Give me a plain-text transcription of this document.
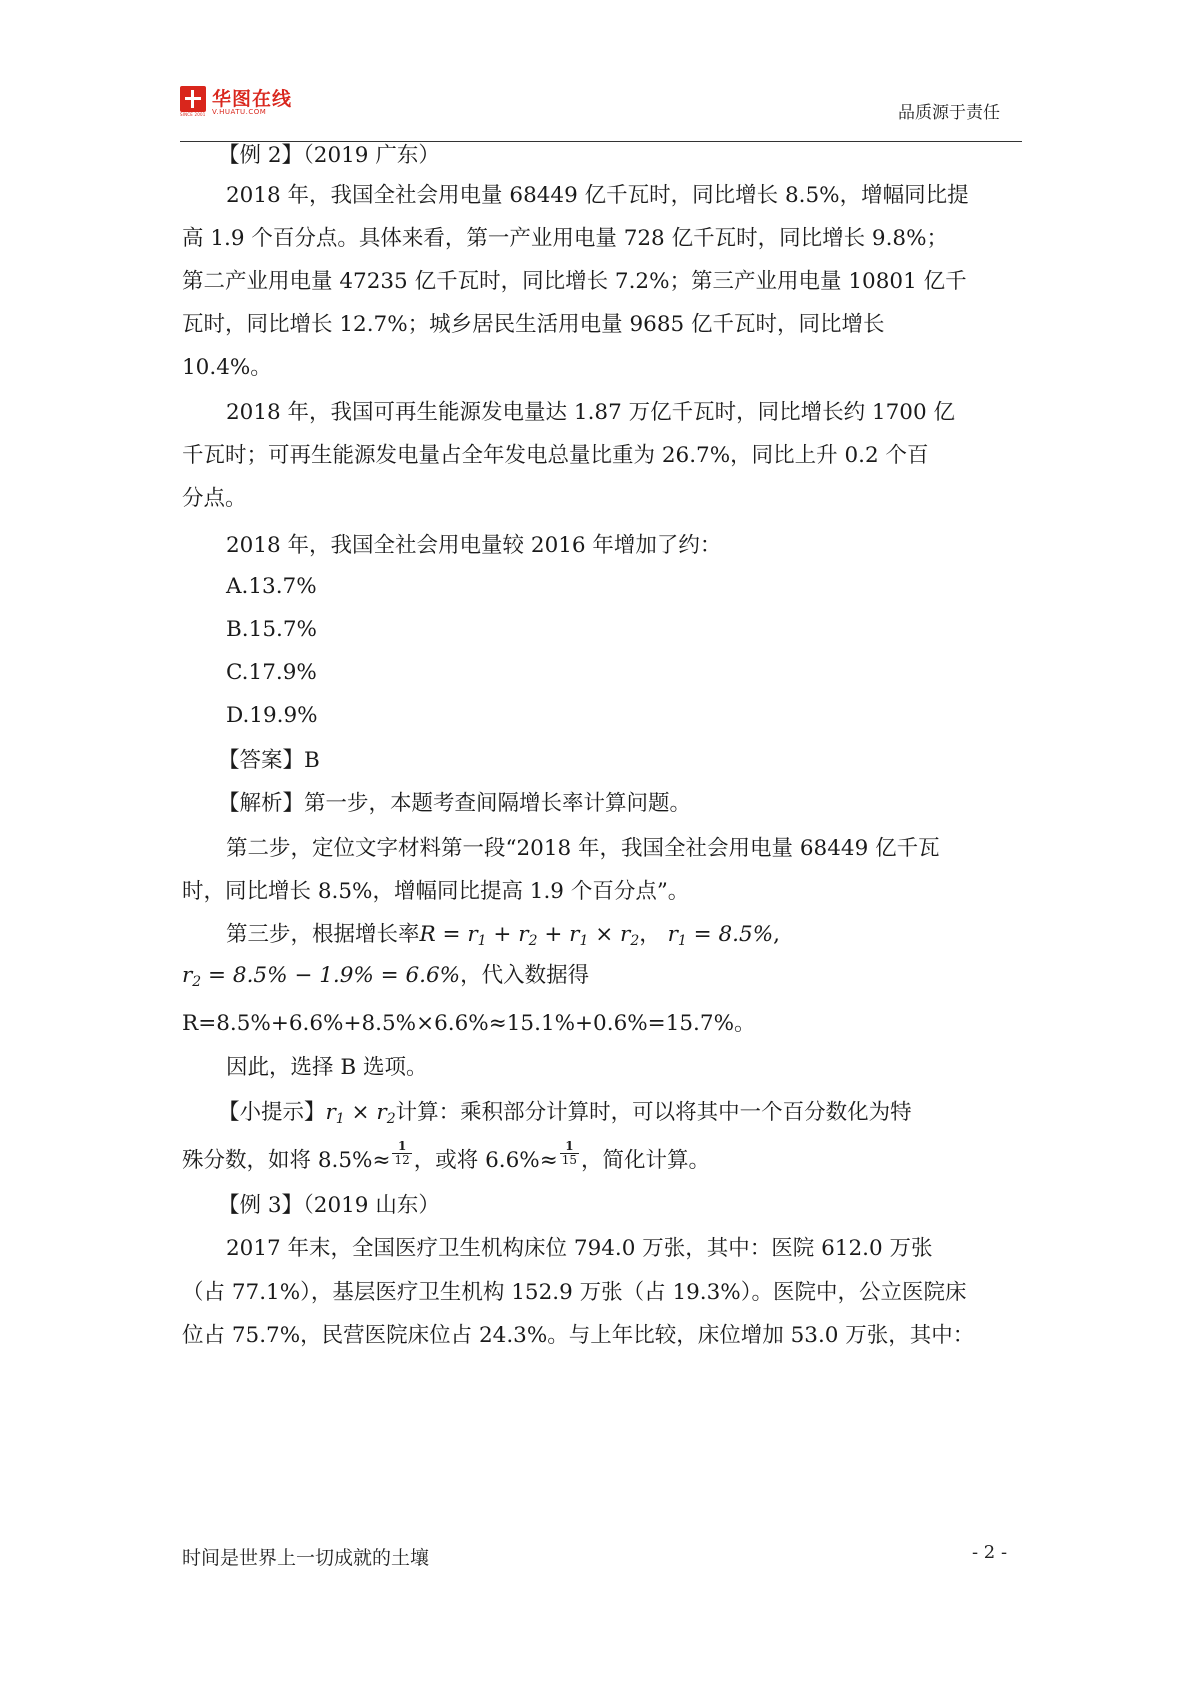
华图在线
SINCE 2001 V.HUATU.COM	品质源于责任
【例 2】（2019 广东）
2018 年，我国全社会用电量 68449 亿千瓦时，同比增长 8.5%，增幅同比提
高 1.9 个百分点。具体来看，第一产业用电量 728 亿千瓦时，同比增长 9.8%；
第二产业用电量 47235 亿千瓦时，同比增长 7.2%；第三产业用电量 10801 亿千
瓦时，同比增长 12.7%；城乡居民生活用电量 9685 亿千瓦时，同比增长
10.4%。
2018 年，我国可再生能源发电量达 1.87 万亿千瓦时，同比增长约 1700 亿
千瓦时；可再生能源发电量占全年发电总量比重为 26.7%，同比上升 0.2 个百
分点。
2018 年，我国全社会用电量较 2016 年增加了约：
A.13.7%
B.15.7%
C.17.9%
D.19.9%
【答案】B
【解析】第一步，本题考查间隔增长率计算问题。
第二步，定位文字材料第一段“2018 年，我国全社会用电量 68449 亿千瓦
时，同比增长 8.5%，增幅同比提高 1.9 个百分点”。
第三步，根据增长率$R = r_1 + r_2 + r_1 \times r_2$， $r_1 = 8.5\%$,
$r_2 = 8.5\% - 1.9\% = 6.6\%$，代入数据得
R=8.5%+6.6%+8.5%×6.6%≈15.1%+0.6%=15.7%。
因此，选择 B 选项。
【小提示】$r_1 \times r_2$计算：乘积部分计算时，可以将其中一个百分数化为特
殊分数，如将 $8.5\%\approx \frac{1}{12}$ ，或将 $6.6\%\approx \frac{1}{15}$ ，简化计算。
【例 3】（2019 山东）
2017 年末，全国医疗卫生机构床位 794.0 万张，其中：医院 612.0 万张
（占 77.1%），基层医疗卫生机构 152.9 万张（占 19.3%）。医院中，公立医院床
位占 75.7%，民营医院床位占 24.3%。与上年比较，床位增加 53.0 万张，其中：
时间是世界上一切成就的土壤	- 2 -
